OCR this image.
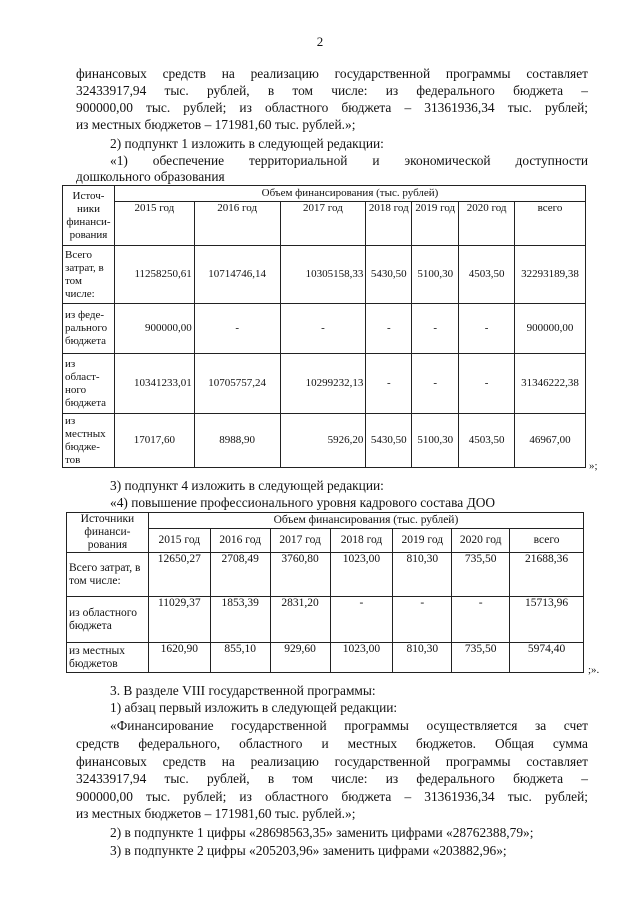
2
финансовых средств на реализацию государственной программы составляет
32433917,94 тыс. рублей, в том числе: из федерального бюджета –
900000,00 тыс. рублей; из областного бюджета – 31361936,34 тыс. рублей;
из местных бюджетов – 171981,60 тыс. рублей.»;
2) подпункт 1 изложить в следующей редакции:
«1) обеспечение территориальной и экономической доступности
дошкольного образования
Источ-ники финанси-рования	Объем финансирования (тыс. рублей)						
	2015 год	2016 год	2017 год	2018 год	2019 год	2020 год	всего
Всего затрат, в том числе:	11258250,61	10714746,14	10305158,33	5430,50	5100,30	4503,50	32293189,38
из феде-рального бюджета	900000,00	-	-	-	-	-	900000,00
из област-ного бюджета	10341233,01	10705757,24	10299232,13	-	-	-	31346222,38
из местных бюдже-тов	17017,60	8988,90	5926,20	5430,50	5100,30	4503,50	46967,00
»;
3) подпункт 4 изложить в следующей редакции:
«4) повышение профессионального уровня кадрового состава ДОО
Источники финанси-рования	Объем финансирования (тыс. рублей)						
	2015 год	2016 год	2017 год	2018 год	2019 год	2020 год	всего
Всего затрат, в том числе:	12650,27	2708,49	3760,80	1023,00	810,30	735,50	21688,36
из областного бюджета	11029,37	1853,39	2831,20	-	-	-	15713,96
из местных бюджетов	1620,90	855,10	929,60	1023,00	810,30	735,50	5974,40
;».
3. В разделе VIII государственной программы:
1) абзац первый изложить в следующей редакции:
«Финансирование государственной программы осуществляется за счет
средств федерального, областного и местных бюджетов. Общая сумма
финансовых средств на реализацию государственной программы составляет
32433917,94 тыс. рублей, в том числе: из федерального бюджета –
900000,00 тыс. рублей; из областного бюджета – 31361936,34 тыс. рублей;
из местных бюджетов – 171981,60 тыс. рублей.»;
2) в подпункте 1 цифры «28698563,35» заменить цифрами «28762388,79»;
3) в подпункте 2 цифры «205203,96» заменить цифрами «203882,96»;
